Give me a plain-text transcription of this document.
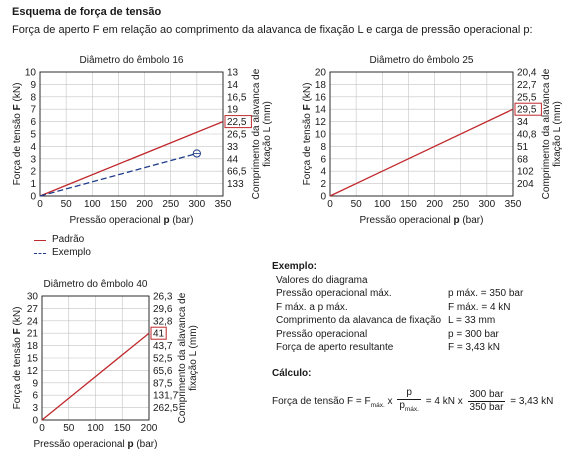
Esquema de força de tensão
Força de aperto F em relação ao comprimento da alavanca de fixação L e carga de pressão operacional p:
Diâmetro do êmbolo 16
0 50 100 150 200 250 300 350
0
1
2
3
4
5
6
7
8
9
10	13
14
16,5
19
22,5
26,5
33
44
66,5
133
Pressão operacional p (bar)
Força de tensão F (kN)	Comprimento da alavanca defixação L (mm)
Diâmetro do êmbolo 25
0 50 100 150 200 250 300 350
0
2
4
6
8
10
12
14
16
18
20	20,4
22,7
25,5
29,5
34
40,8
51
68
102
204
Pressão operacional p (bar)
Força de tensão F (kN)	Comprimento da alavanca defixação L (mm)
Diâmetro do êmbolo 40
0 50 100 150 200
0
3
6
9
12
15
18
21
24
27
30	26,3
29,6
32,8
41
43,7
52,5
65,6
87,5
131,7
262,5
Pressão operacional p (bar)
Força de tensão F (kN)	Comprimento da alavanca defixação L (mm)
Padrão
Exemplo
Exemplo:
Valores do diagrama
Pressão operacional máx.	p máx. = 350 bar
F máx. a p máx.	F máx. = 4 kN
Comprimento da alavanca de fixação L = 33 mm
Pressão operacional	p = 300 bar
Força de aperto resultante	F = 3,43 kN
Cálculo:
Força de tensão $F = F_{máx.}$ x $\frac{p}{p_{máx.}} = 4$ kN x $\frac{\text{300 bar}}{\text{350 bar}} = 3,43$ kN
